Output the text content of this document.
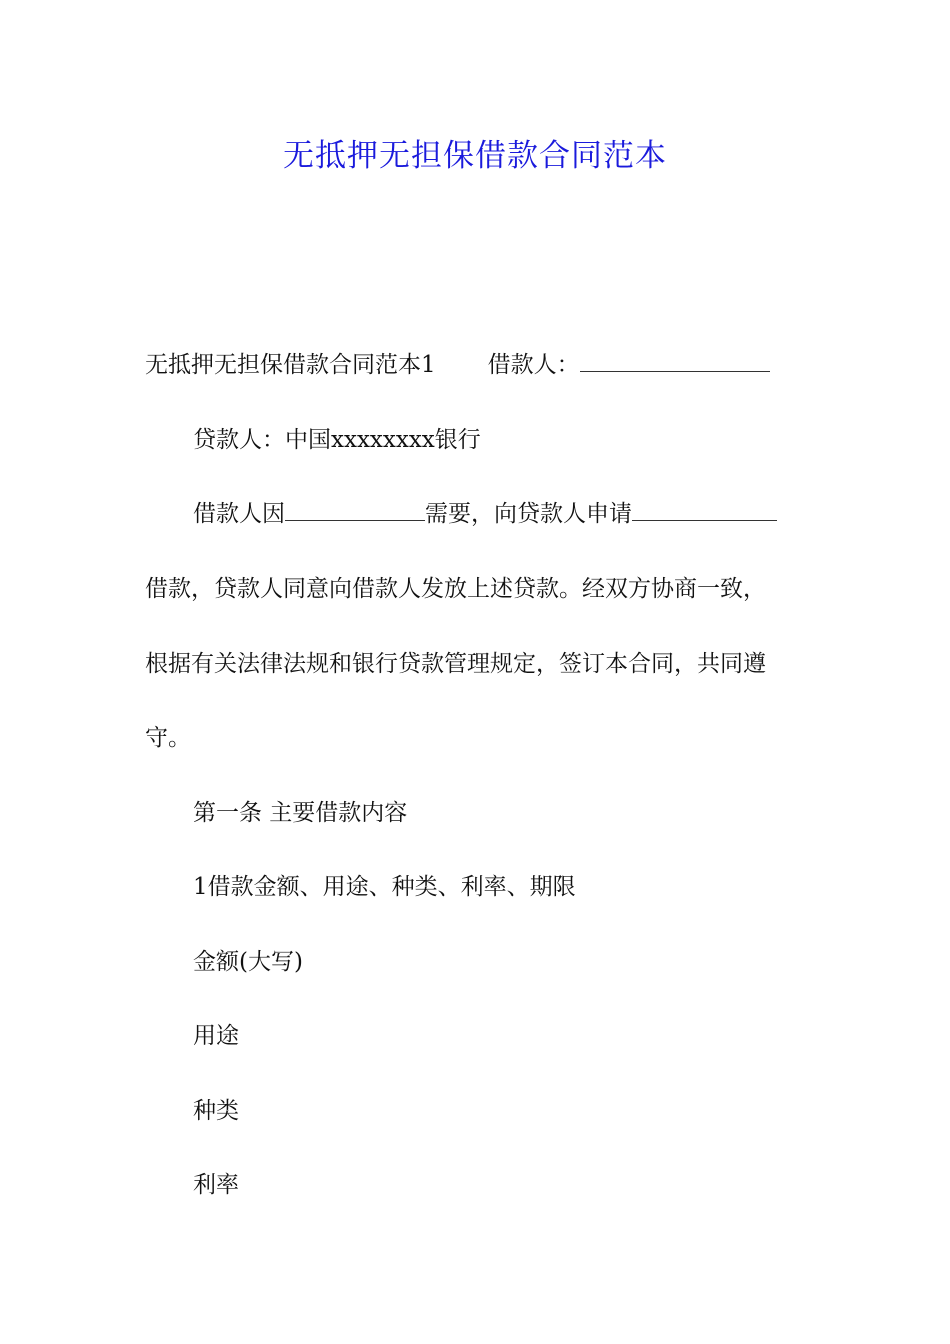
无抵押无担保借款合同范本
无抵押无担保借款合同范本1 借款人：
贷款人：中国xxxxxxxx银行
借款人因	需要，向贷款人申请
借款，贷款人同意向借款人发放上述贷款。经双方协商一致，
根据有关法律法规和银行贷款管理规定，签订本合同，共同遵
守。
第一条 主要借款内容
1借款金额、用途、种类、利率、期限
金额(大写)
用途
种类
利率
